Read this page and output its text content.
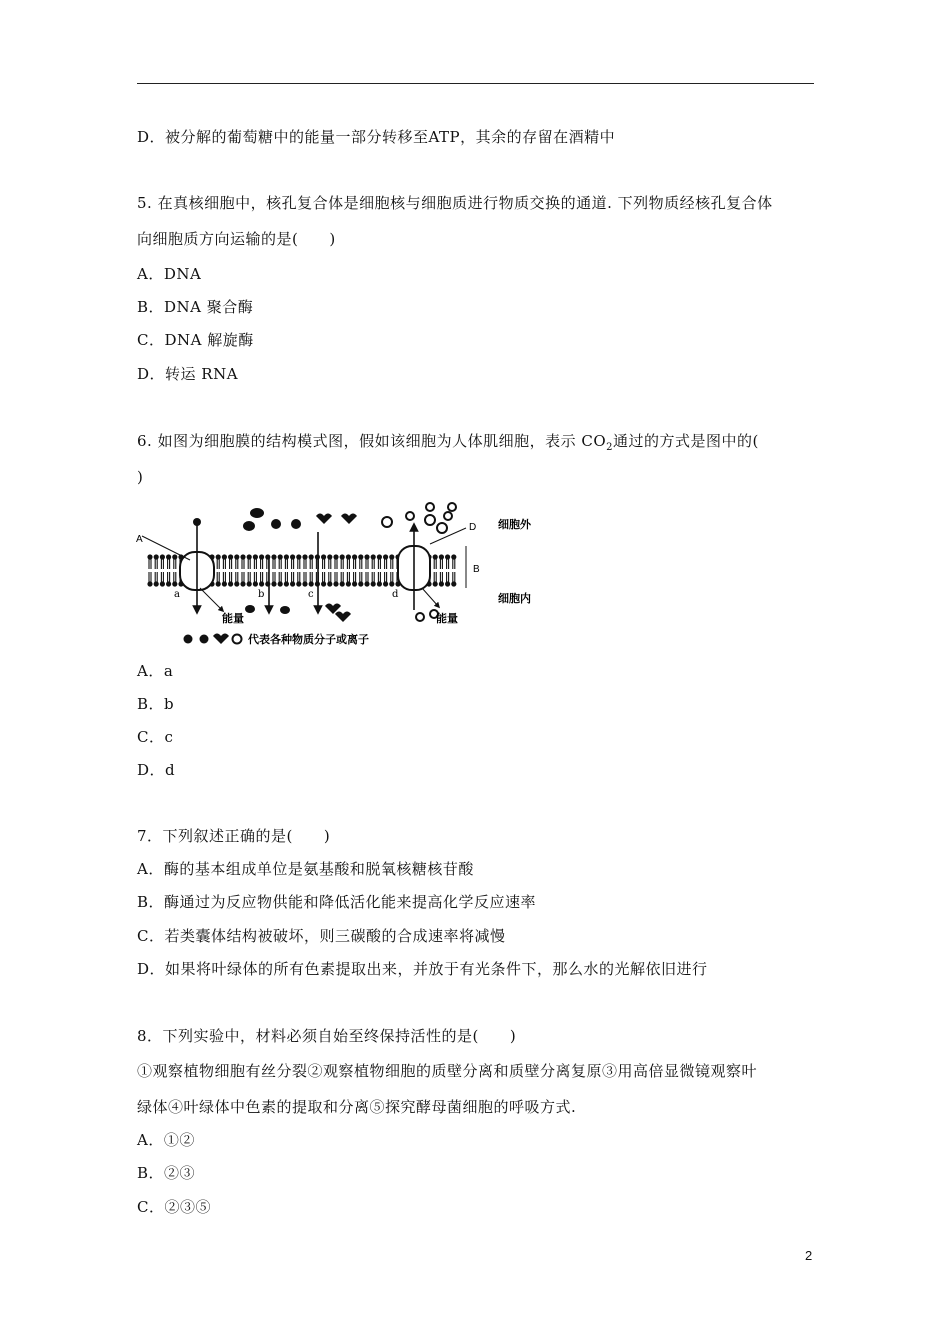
D．被分解的葡萄糖中的能量一部分转移至ATP，其余的存留在酒精中
5. 在真核细胞中，核孔复合体是细胞核与细胞质进行物质交换的通道. 下列物质经核孔复合体
向细胞质方向运输的是(　　)
A．DNA
B．DNA 聚合酶
C．DNA 解旋酶
D．转运 RNA
6. 如图为细胞膜的结构模式图，假如该细胞为人体肌细胞，表示 $CO_2$通过的方式是图中的(
)
A
D
B
细胞外
细胞内
a	b	c	d
能量	能量
代表各种物质分子或离子
A．a
B．b
C．c
D．d
7．下列叙述正确的是(　　)
A．酶的基本组成单位是氨基酸和脱氧核糖核苷酸
B．酶通过为反应物供能和降低活化能来提高化学反应速率
C．若类囊体结构被破坏，则三碳酸的合成速率将减慢
D．如果将叶绿体的所有色素提取出来，并放于有光条件下，那么水的光解依旧进行
8．下列实验中，材料必须自始至终保持活性的是(　　)
①观察植物细胞有丝分裂②观察植物细胞的质壁分离和质壁分离复原③用高倍显微镜观察叶
绿体④叶绿体中色素的提取和分离⑤探究酵母菌细胞的呼吸方式.
A．①②
B．②③
C．②③⑤
2
